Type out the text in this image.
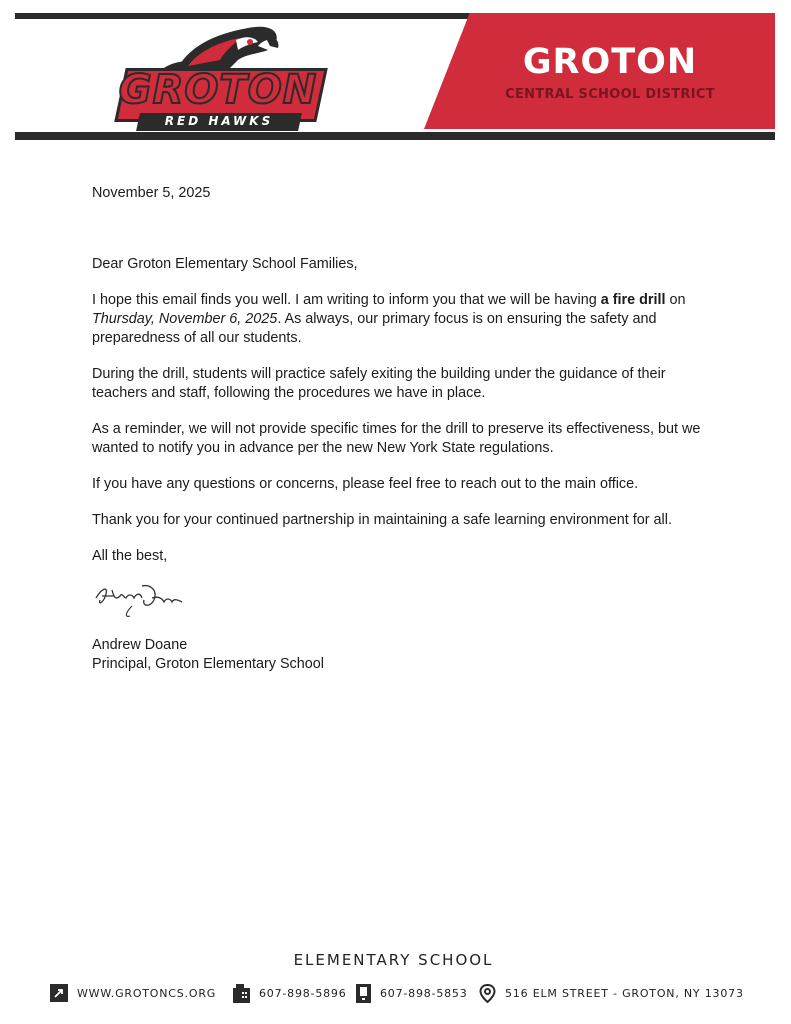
GROTON
CENTRAL SCHOOL DISTRICT
GROTON
RED HAWKS

November 5, 2025

Dear Groton Elementary School Families,

I hope this email finds you well. I am writing to inform you that we will be having a fire drill on Thursday, November 6, 2025. As always, our primary focus is on ensuring the safety and preparedness of all our students.

During the drill, students will practice safely exiting the building under the guidance of their teachers and staff, following the procedures we have in place.

As a reminder, we will not provide specific times for the drill to preserve its effectiveness, but we wanted to notify you in advance per the new New York State regulations.

If you have any questions or concerns, please feel free to reach out to the main office.

Thank you for your continued partnership in maintaining a safe learning environment for all.

All the best,

Andrew Doane

Principal, Groton Elementary School

ELEMENTARY SCHOOL
WWW.GROTONCS.ORG	607-898-5896	607-898-5853	516 ELM STREET - GROTON, NY 13073
